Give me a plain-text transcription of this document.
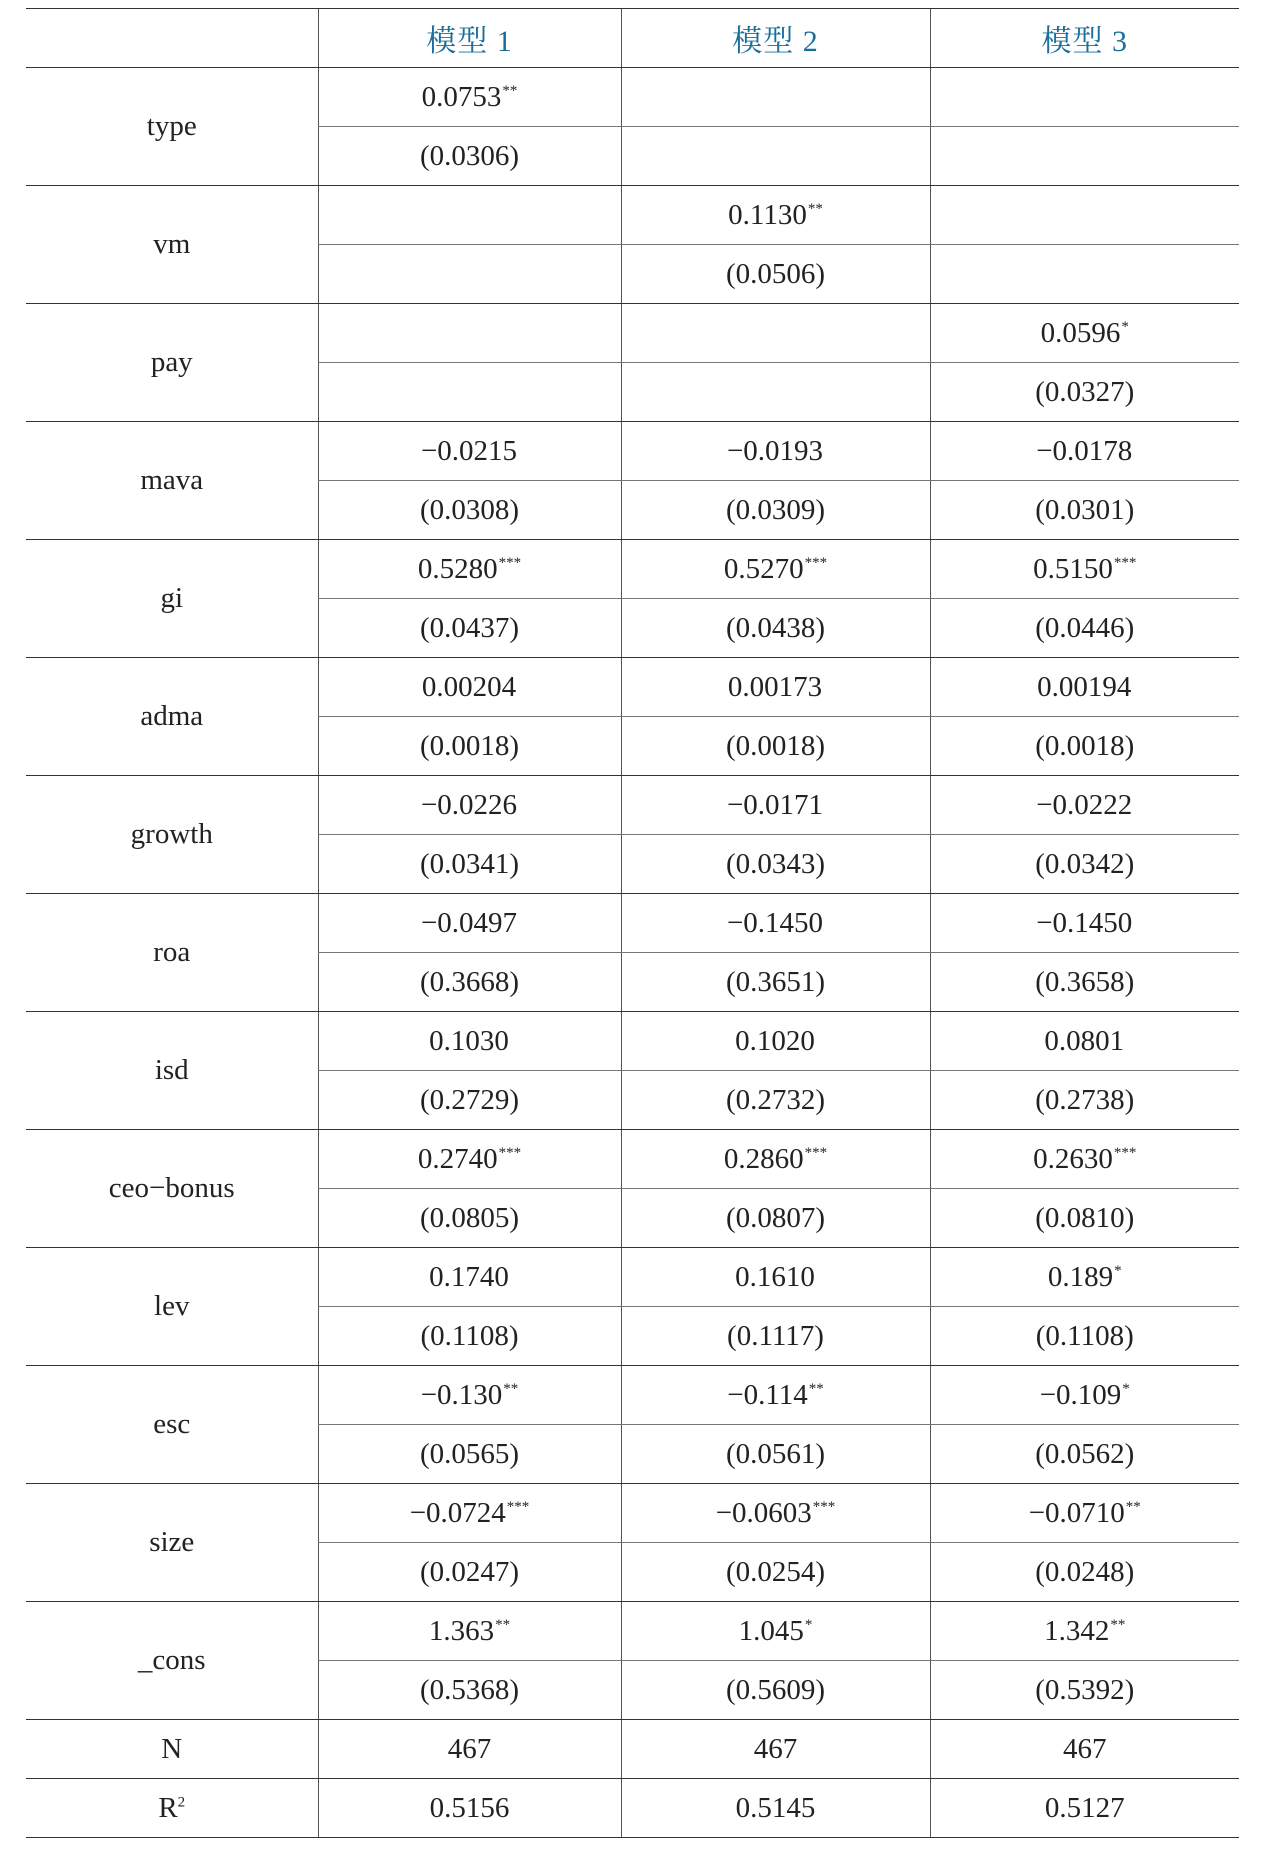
	模型 1	模型 2	模型 3
type	0.0753**		
	(0.0306)		
vm		0.1130**	
		(0.0506)	
pay			0.0596*
			(0.0327)
mava	−0.0215	−0.0193	−0.0178
	(0.0308)	(0.0309)	(0.0301)
gi	0.5280***	0.5270***	0.5150***
	(0.0437)	(0.0438)	(0.0446)
adma	0.00204	0.00173	0.00194
	(0.0018)	(0.0018)	(0.0018)
growth	−0.0226	−0.0171	−0.0222
	(0.0341)	(0.0343)	(0.0342)
roa	−0.0497	−0.1450	−0.1450
	(0.3668)	(0.3651)	(0.3658)
isd	0.1030	0.1020	0.0801
	(0.2729)	(0.2732)	(0.2738)
ceo−bonus	0.2740***	0.2860***	0.2630***
	(0.0805)	(0.0807)	(0.0810)
lev	0.1740	0.1610	0.189*
	(0.1108)	(0.1117)	(0.1108)
esc	−0.130**	−0.114**	−0.109*
	(0.0565)	(0.0561)	(0.0562)
size	−0.0724***	−0.0603***	−0.0710**
	(0.0247)	(0.0254)	(0.0248)
_cons	1.363**	1.045*	1.342**
	(0.5368)	(0.5609)	(0.5392)
N	467	467	467
$R^2$	0.5156	0.5145	0.5127
